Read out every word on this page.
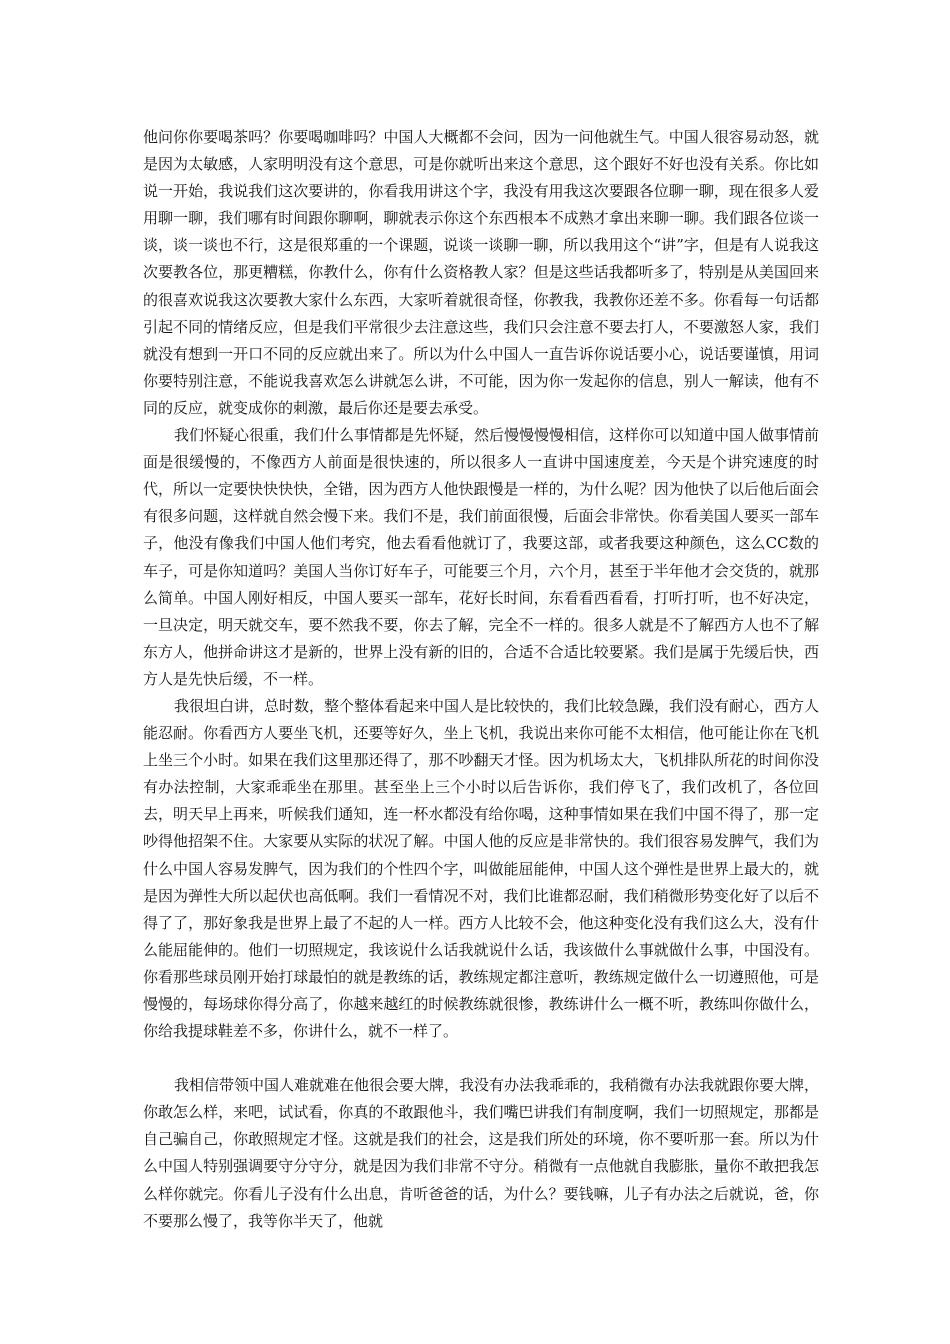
他问你你要喝茶吗？你要喝咖啡吗？中国人大概都不会问，因为一问他就生气。中国人很容易动怒，就是因为太敏感，人家明明没有这个意思，可是你就听出来这个意思，这个跟好不好也没有关系。你比如说一开始，我说我们这次要讲的，你看我用讲这个字，我没有用我这次要跟各位聊一聊，现在很多人爱用聊一聊，我们哪有时间跟你聊啊，聊就表示你这个东西根本不成熟才拿出来聊一聊。我们跟各位谈一谈，谈一谈也不行，这是很郑重的一个课题，说谈一谈聊一聊，所以我用这个“讲”字，但是有人说我这次要教各位，那更糟糕，你教什么，你有什么资格教人家？但是这些话我都听多了，特别是从美国回来的很喜欢说我这次要教大家什么东西，大家听着就很奇怪，你教我，我教你还差不多。你看每一句话都引起不同的情绪反应，但是我们平常很少去注意这些，我们只会注意不要去打人，不要激怒人家，我们就没有想到一开口不同的反应就出来了。所以为什么中国人一直告诉你说话要小心，说话要谨慎，用词你要特别注意，不能说我喜欢怎么讲就怎么讲，不可能，因为你一发起你的信息，别人一解读，他有不同的反应，就变成你的刺激，最后你还是要去承受。

我们怀疑心很重，我们什么事情都是先怀疑，然后慢慢慢慢相信，这样你可以知道中国人做事情前面是很缓慢的，不像西方人前面是很快速的，所以很多人一直讲中国速度差，今天是个讲究速度的时代，所以一定要快快快快，全错，因为西方人他快跟慢是一样的，为什么呢？因为他快了以后他后面会有很多问题，这样就自然会慢下来。我们不是，我们前面很慢，后面会非常快。你看美国人要买一部车子，他没有像我们中国人他们考究，他去看看他就订了，我要这部，或者我要这种颜色，这么CC数的车子，可是你知道吗？美国人当你订好车子，可能要三个月，六个月，甚至于半年他才会交货的，就那么简单。中国人刚好相反，中国人要买一部车，花好长时间，东看看西看看，打听打听，也不好决定，一旦决定，明天就交车，要不然我不要，你去了解，完全不一样的。很多人就是不了解西方人也不了解东方人，他拼命讲这才是新的，世界上没有新的旧的，合适不合适比较要紧。我们是属于先缓后快，西方人是先快后缓，不一样。

我很坦白讲，总时数，整个整体看起来中国人是比较快的，我们比较急躁，我们没有耐心，西方人能忍耐。你看西方人要坐飞机，还要等好久，坐上飞机，我说出来你可能不太相信，他可能让你在飞机上坐三个小时。如果在我们这里那还得了，那不吵翻天才怪。因为机场太大，飞机排队所花的时间你没有办法控制，大家乖乖坐在那里。甚至坐上三个小时以后告诉你，我们停飞了，我们改机了，各位回去，明天早上再来，听候我们通知，连一杯水都没有给你喝，这种事情如果在我们中国不得了，那一定吵得他招架不住。大家要从实际的状况了解。中国人他的反应是非常快的。我们很容易发脾气，我们为什么中国人容易发脾气，因为我们的个性四个字，叫做能屈能伸，中国人这个弹性是世界上最大的，就是因为弹性大所以起伏也高低啊。我们一看情况不对，我们比谁都忍耐，我们稍微形势变化好了以后不得了了，那好象我是世界上最了不起的人一样。西方人比较不会，他这种变化没有我们这么大，没有什么能屈能伸的。他们一切照规定，我该说什么话我就说什么话，我该做什么事就做什么事，中国没有。你看那些球员刚开始打球最怕的就是教练的话，教练规定都注意听，教练规定做什么一切遵照他，可是慢慢的，每场球你得分高了，你越来越红的时候教练就很惨，教练讲什么一概不听，教练叫你做什么，你给我提球鞋差不多，你讲什么，就不一样了。

我相信带领中国人难就难在他很会要大牌，我没有办法我乖乖的，我稍微有办法我就跟你要大牌，你敢怎么样，来吧，试试看，你真的不敢跟他斗，我们嘴巴讲我们有制度啊，我们一切照规定，那都是自己骗自己，你敢照规定才怪。这就是我们的社会，这是我们所处的环境，你不要听那一套。所以为什么中国人特别强调要守分守分，就是因为我们非常不守分。稍微有一点他就自我膨胀，量你不敢把我怎么样你就完。你看儿子没有什么出息，肯听爸爸的话，为什么？要钱嘛，儿子有办法之后就说，爸，你不要那么慢了，我等你半天了，他就
